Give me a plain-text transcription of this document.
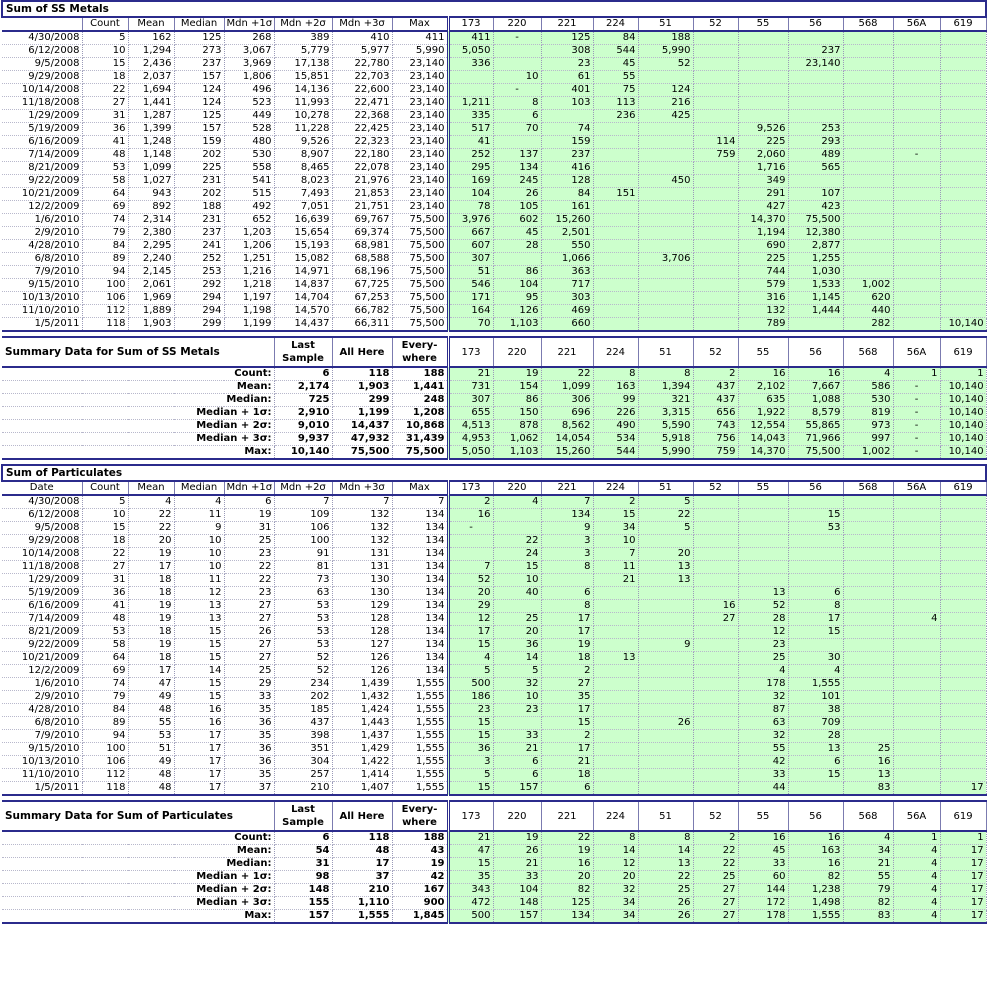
Sum of SS Metals																		
	Count	Mean	Median	Mdn +1σ	Mdn +2σ	Mdn +3σ	Max	173	220	221	224	51	52	55	56	568	56A	619
4/30/2008	5	162	125	268	389	410	411	411	-	125	84	188						
6/12/2008	10	1,294	273	3,067	5,779	5,977	5,990	5,050		308	544	5,990			237			
9/5/2008	15	2,436	237	3,969	17,138	22,780	23,140	336		23	45	52			23,140			
9/29/2008	18	2,037	157	1,806	15,851	22,703	23,140		10	61	55							
10/14/2008	22	1,694	124	496	14,136	22,600	23,140		-	401	75	124						
11/18/2008	27	1,441	124	523	11,993	22,471	23,140	1,211	8	103	113	216						
1/29/2009	31	1,287	125	449	10,278	22,368	23,140	335	6		236	425						
5/19/2009	36	1,399	157	528	11,228	22,425	23,140	517	70	74				9,526	253			
6/16/2009	41	1,248	159	480	9,526	22,323	23,140	41		159			114	225	293			
7/14/2009	48	1,148	202	530	8,907	22,180	23,140	252	137	237			759	2,060	489		-	
8/21/2009	53	1,099	225	558	8,465	22,078	23,140	295	134	416				1,716	565			
9/22/2009	58	1,027	231	541	8,023	21,976	23,140	169	245	128		450		349				
10/21/2009	64	943	202	515	7,493	21,853	23,140	104	26	84	151			291	107			
12/2/2009	69	892	188	492	7,051	21,751	23,140	78	105	161				427	423			
1/6/2010	74	2,314	231	652	16,639	69,767	75,500	3,976	602	15,260				14,370	75,500			
2/9/2010	79	2,380	237	1,203	15,654	69,374	75,500	667	45	2,501				1,194	12,380			
4/28/2010	84	2,295	241	1,206	15,193	68,981	75,500	607	28	550				690	2,877			
6/8/2010	89	2,240	252	1,251	15,082	68,588	75,500	307		1,066		3,706		225	1,255			
7/9/2010	94	2,145	253	1,216	14,971	68,196	75,500	51	86	363				744	1,030			
9/15/2010	100	2,061	292	1,218	14,837	67,725	75,500	546	104	717				579	1,533	1,002		
10/13/2010	106	1,969	294	1,197	14,704	67,253	75,500	171	95	303				316	1,145	620		
11/10/2010	112	1,889	294	1,198	14,570	66,782	75,500	164	126	469				132	1,444	440		
1/5/2011	118	1,903	299	1,199	14,437	66,311	75,500	70	1,103	660				789		282		10,140

Summary Data for Sum of SS Metals					Last
Sample	All Here	Every-
where	173	220	221	224	51	52	55	56	568	56A	619
Count:					6	118	188	21	19	22	8	8	2	16	16	4	1	1
Mean:					2,174	1,903	1,441	731	154	1,099	163	1,394	437	2,102	7,667	586	-	10,140
Median:					725	299	248	307	86	306	99	321	437	635	1,088	530	-	10,140
Median + 1σ:					2,910	1,199	1,208	655	150	696	226	3,315	656	1,922	8,579	819	-	10,140
Median + 2σ:					9,010	14,437	10,868	4,513	878	8,562	490	5,590	743	12,554	55,865	973	-	10,140
Median + 3σ:					9,937	47,932	31,439	4,953	1,062	14,054	534	5,918	756	14,043	71,966	997	-	10,140
Max:					10,140	75,500	75,500	5,050	1,103	15,260	544	5,990	759	14,370	75,500	1,002	-	10,140

Sum of Particulates																		
Date	Count	Mean	Median	Mdn +1σ	Mdn +2σ	Mdn +3σ	Max	173	220	221	224	51	52	55	56	568	56A	619
4/30/2008	5	4	4	6	7	7	7	2	4	7	2	5						
6/12/2008	10	22	11	19	109	132	134	16		134	15	22			15			
9/5/2008	15	22	9	31	106	132	134	-		9	34	5			53			
9/29/2008	18	20	10	25	100	132	134		22	3	10							
10/14/2008	22	19	10	23	91	131	134		24	3	7	20						
11/18/2008	27	17	10	22	81	131	134	7	15	8	11	13						
1/29/2009	31	18	11	22	73	130	134	52	10		21	13						
5/19/2009	36	18	12	23	63	130	134	20	40	6				13	6			
6/16/2009	41	19	13	27	53	129	134	29		8			16	52	8			
7/14/2009	48	19	13	27	53	128	134	12	25	17			27	28	17		4	
8/21/2009	53	18	15	26	53	128	134	17	20	17				12	15			
9/22/2009	58	19	15	27	53	127	134	15	36	19		9		23				
10/21/2009	64	18	15	27	52	126	134	4	14	18	13			25	30			
12/2/2009	69	17	14	25	52	126	134	5	5	2				4	4			
1/6/2010	74	47	15	29	234	1,439	1,555	500	32	27				178	1,555			
2/9/2010	79	49	15	33	202	1,432	1,555	186	10	35				32	101			
4/28/2010	84	48	16	35	185	1,424	1,555	23	23	17				87	38			
6/8/2010	89	55	16	36	437	1,443	1,555	15		15		26		63	709			
7/9/2010	94	53	17	35	398	1,437	1,555	15	33	2				32	28			
9/15/2010	100	51	17	36	351	1,429	1,555	36	21	17				55	13	25		
10/13/2010	106	49	17	36	304	1,422	1,555	3	6	21				42	6	16		
11/10/2010	112	48	17	35	257	1,414	1,555	5	6	18				33	15	13		
1/5/2011	118	48	17	37	210	1,407	1,555	15	157	6				44		83		17

Summary Data for Sum of Particulates					Last
Sample	All Here	Every-
where	173	220	221	224	51	52	55	56	568	56A	619
Count:					6	118	188	21	19	22	8	8	2	16	16	4	1	1
Mean:					54	48	43	47	26	19	14	14	22	45	163	34	4	17
Median:					31	17	19	15	21	16	12	13	22	33	16	21	4	17
Median + 1σ:					98	37	42	35	33	20	20	22	25	60	82	55	4	17
Median + 2σ:					148	210	167	343	104	82	32	25	27	144	1,238	79	4	17
Median + 3σ:					155	1,110	900	472	148	125	34	26	27	172	1,498	82	4	17
Max:					157	1,555	1,845	500	157	134	34	26	27	178	1,555	83	4	17
